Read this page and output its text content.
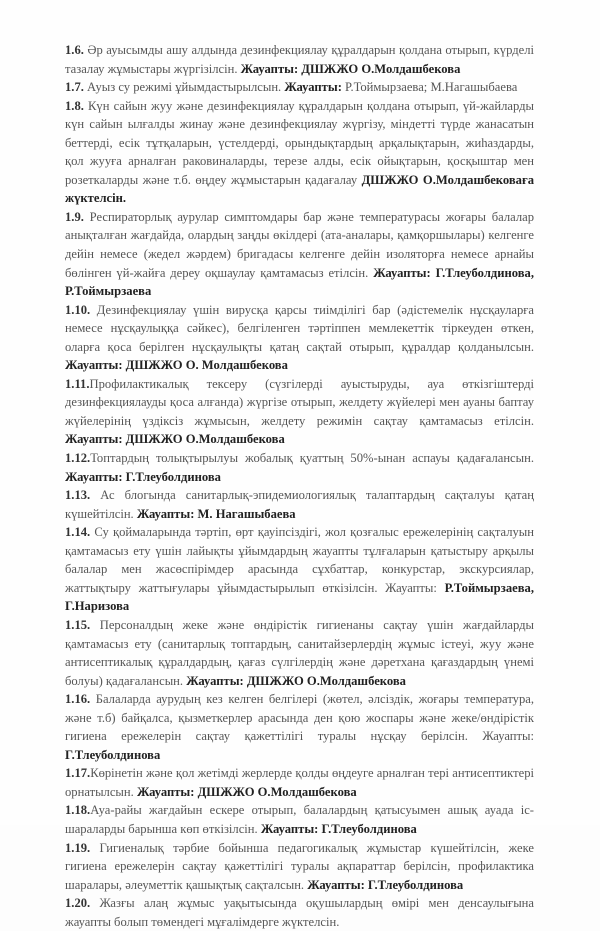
1.6. Әр ауысымды ашу алдында дезинфекциялау құралдарын қолдана отырып, күрделі тазалау жұмыстары жүргізілсін. Жауапты: ДШЖЖО О.Молдашбекова

1.7. Ауыз су режимі ұйымдастырылсын. Жауапты: Р.Тоймырзаева; М.Нагашыбаева

1.8. Күн сайын жуу және дезинфекциялау құралдарын қолдана отырып, үй-жайларды күн сайын ылғалды жинау және дезинфекциялау жүргізу, міндетті түрде жанасатын беттерді, есік тұтқаларын, үстелдерді, орындықтардың арқалықтарын, жиһаздарды, қол жууға арналған раковиналарды, терезе алды, есік ойықтарын, қосқыштар мен розеткаларды және т.б. өңдеу жұмыстарын қадағалау ДШЖЖО О.Молдашбековаға жүктелсін.

1.9. Респираторлық аурулар симптомдары бар және температурасы жоғары балалар анықталған жағдайда, олардың заңды өкілдері (ата-аналары, қамқоршылары) келгенге дейін немесе (жедел жәрдем) бригадасы келгенге дейін изоляторға немесе арнайы бөлінген үй-жайға дереу оқшаулау қамтамасыз етілсін. Жауапты: Г.Тлеуболдинова, Р.Тоймырзаева

1.10. Дезинфекциялау үшін вирусқа қарсы тиімділігі бар (әдістемелік нұсқауларға немесе нұсқаулыққа сәйкес), белгіленген тәртіппен мемлекеттік тіркеуден өткен, оларға қоса берілген нұсқаулықты қатаң сақтай отырып, құралдар қолданылсын. Жауапты: ДШЖЖО О. Молдашбекова

1.11.Профилактикалық тексеру (сүзгілерді ауыстыруды, ауа өткізгіштерді дезинфекциялауды қоса алғанда) жүргізе отырып, желдету жүйелері мен ауаны баптау жүйелерінің үздіксіз жұмысын, желдету режимін сақтау қамтамасыз етілсін. Жауапты: ДШЖЖО О.Молдашбекова

1.12.Топтардың толықтырылуы жобалық қуаттың 50%-ынан аспауы қадағалансын. Жауапты: Г.Тлеуболдинова

1.13. Ас блогында санитарлық-эпидемиологиялық талаптардың сақталуы қатаң күшейтілсін. Жауапты: М. Нагашыбаева

1.14. Су қоймаларында тәртіп, өрт қауіпсіздігі, жол қозғалыс ережелерінің сақталуын қамтамасыз ету үшін лайықты ұйымдардың жауапты тұлғаларын қатыстыру арқылы балалар мен жасөспірімдер арасында сұхбаттар, конкурстар, экскурсиялар, жаттықтыру жаттығулары ұйымдастырылып өткізілсін. Жауапты: Р.Тоймырзаева, Г.Наризова

1.15. Персоналдың жеке және өндірістік гигиенаны сақтау үшін жағдайларды қамтамасыз ету (санитарлық топтардың, санитайзерлердің жұмыс істеуі, жуу және антисептикалық құралдардың, қағаз сүлгілердің және дәретхана қағаздардың үнемі болуы) қадағалансын. Жауапты: ДШЖЖО О.Молдашбекова

1.16. Балаларда аурудың кез келген белгілері (жөтел, әлсіздік, жоғары температура, және т.б) байқалса, қызметкерлер арасында ден қою жоспары және жеке/өндірістік гигиена ережелерін сақтау қажеттілігі туралы нұсқау берілсін. Жауапты: Г.Тлеуболдинова

1.17.Көрінетін және қол жетімді жерлерде қолды өңдеуге арналған тері антисептиктері орнатылсын. Жауапты: ДШЖЖО О.Молдашбекова

1.18.Ауа-райы жағдайын ескере отырып, балалардың қатысуымен ашық ауада іс-шараларды барынша көп өткізілсін. Жауапты: Г.Тлеуболдинова

1.19. Гигиеналық тәрбие бойынша педагогикалық жұмыстар күшейтілсін, жеке гигиена ережелерін сақтау қажеттілігі туралы ақпараттар берілсін, профилактика шаралары, әлеуметтік қашықтық сақталсын. Жауапты: Г.Тлеуболдинова

1.20. Жазғы алаң жұмыс уақытысында оқушылардың өмірі мен денсаулығына жауапты болып төмендегі мұғалімдерге жүктелсін.
